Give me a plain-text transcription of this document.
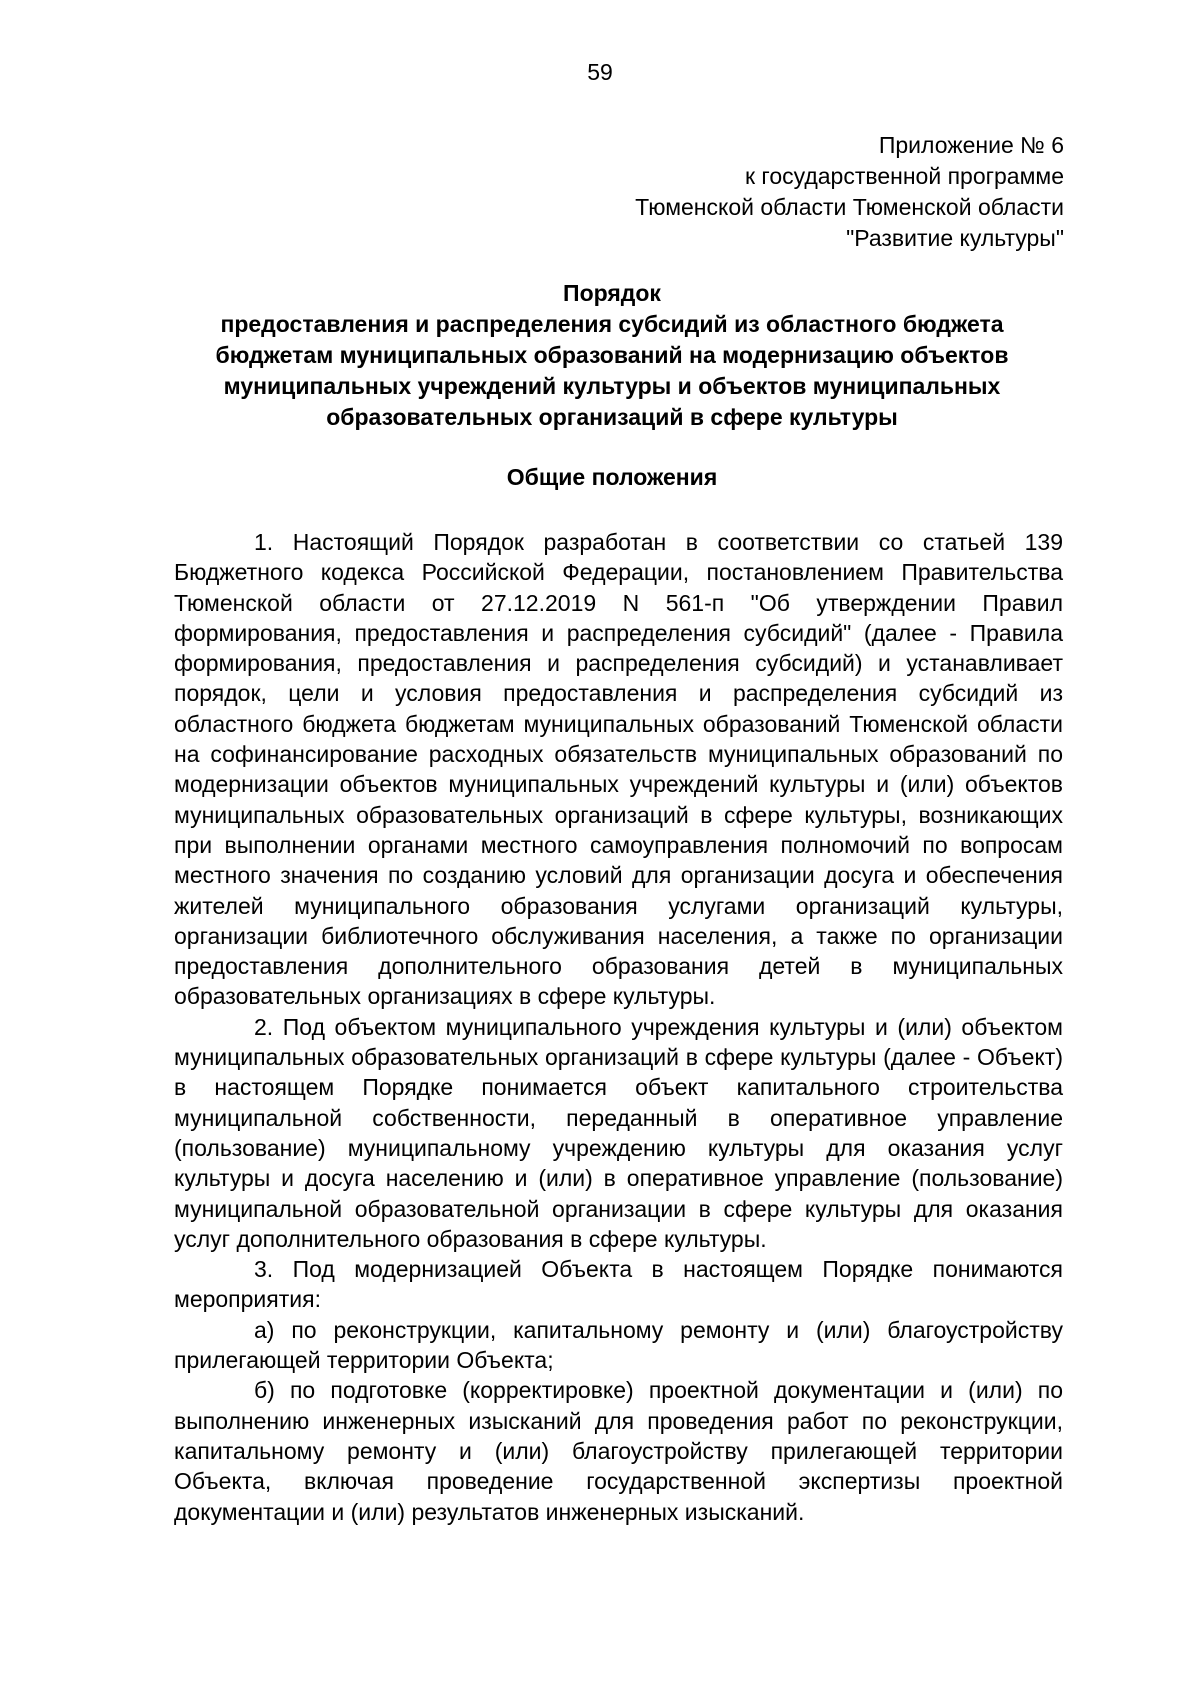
59
Приложение № 6
к государственной программе
Тюменской области Тюменской области
"Развитие культуры"
Порядок
предоставления и распределения субсидий из областного бюджета
бюджетам муниципальных образований на модернизацию объектов
муниципальных учреждений культуры и объектов муниципальных
образовательных организаций в сфере культуры
Общие положения

1. Настоящий Порядок разработан в соответствии со статьей 139 Бюджетного кодекса Российской Федерации, постановлением Правительства Тюменской области от 27.12.2019 N 561-п "Об утверждении Правил формирования, предоставления и распределения субсидий" (далее - Правила формирования, предоставления и распределения субсидий) и устанавливает порядок, цели и условия предоставления и распределения субсидий из областного бюджета бюджетам муниципальных образований Тюменской области на софинансирование расходных обязательств муниципальных образований по модернизации объектов муниципальных учреждений культуры и (или) объектов муниципальных образовательных организаций в сфере культуры, возникающих при выполнении органами местного самоуправления полномочий по вопросам местного значения по созданию условий для организации досуга и обеспечения жителей муниципального образования услугами организаций культуры, организации библиотечного обслуживания населения, а также по организации предоставления дополнительного образования детей в муниципальных образовательных организациях в сфере культуры.

2. Под объектом муниципального учреждения культуры и (или) объектом муниципальных образовательных организаций в сфере культуры (далее - Объект) в настоящем Порядке понимается объект капитального строительства муниципальной собственности, переданный в оперативное управление (пользование) муниципальному учреждению культуры для оказания услуг культуры и досуга населению и (или) в оперативное управление (пользование) муниципальной образовательной организации в сфере культуры для оказания услуг дополнительного образования в сфере культуры.

3. Под модернизацией Объекта в настоящем Порядке понимаются мероприятия:

а) по реконструкции, капитальному ремонту и (или) благоустройству прилегающей территории Объекта;

б) по подготовке (корректировке) проектной документации и (или) по выполнению инженерных изысканий для проведения работ по реконструкции, капитальному ремонту и (или) благоустройству прилегающей территории Объекта, включая проведение государственной экспертизы проектной документации и (или) результатов инженерных изысканий.
